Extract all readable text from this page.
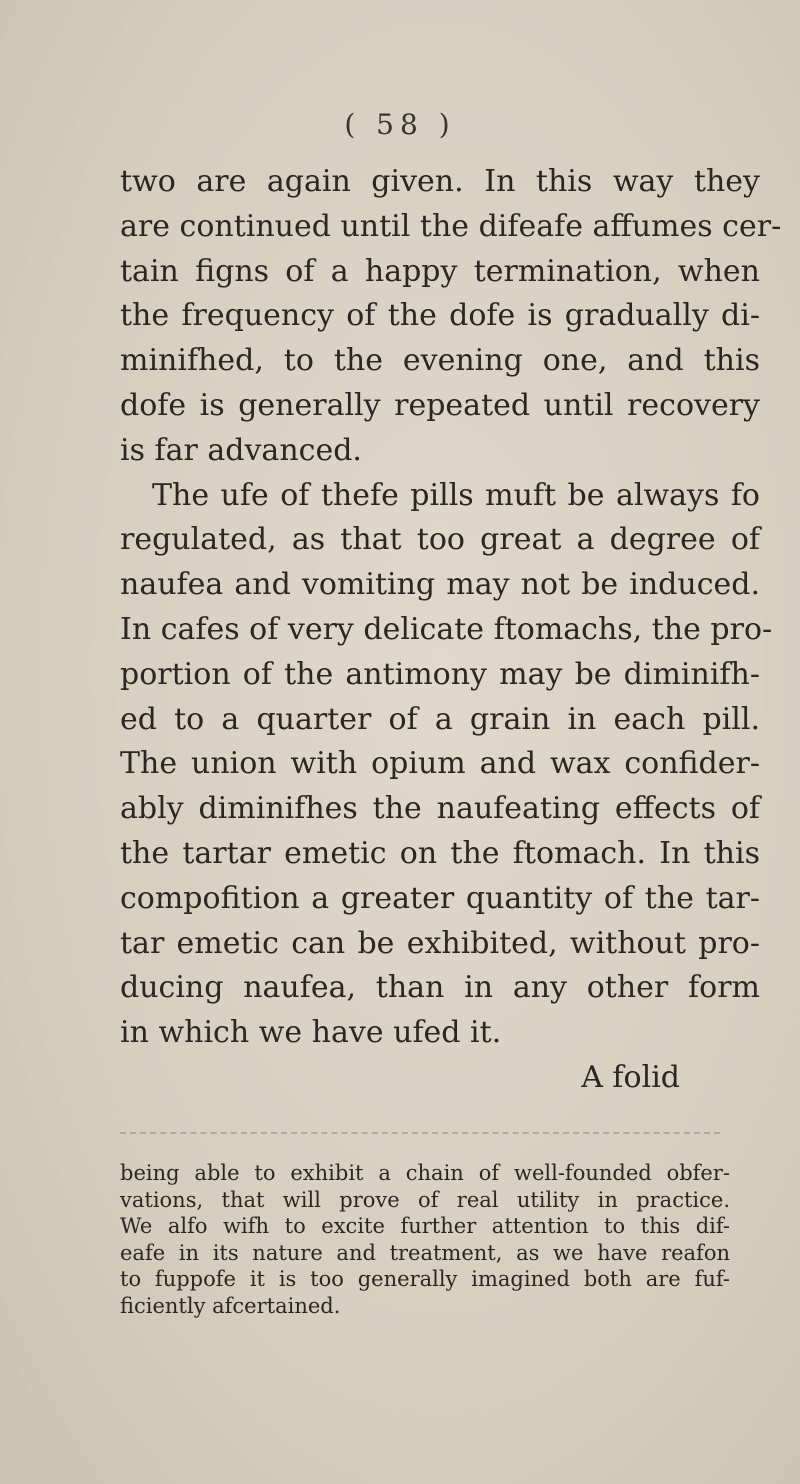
( 58 )

two are again given. In this way they
are continued until the difeafe affumes cer-
tain figns of a happy termination, when
the frequency of the dofe is gradually di-
minifhed, to the evening one, and this
dofe is generally repeated until recovery
is far advanced.
The ufe of thefe pills muft be always fo
regulated, as that too great a degree of
naufea and vomiting may not be induced.
In cafes of very delicate ftomachs, the pro-
portion of the antimony may be diminifh-
ed to a quarter of a grain in each pill.
The union with opium and wax confider-
ably diminifhes the naufeating effects of
the tartar emetic on the ftomach. In this
compofition a greater quantity of the tar-
tar emetic can be exhibited, without pro-
ducing naufea, than in any other form
in which we have ufed it.
A folid
being able to exhibit a chain of well-founded obfer-
vations, that will prove of real utility in practice.
We alfo wifh to excite further attention to this dif-
eafe in its nature and treatment, as we have reafon
to fuppofe it is too generally imagined both are fuf-
ficiently afcertained.
